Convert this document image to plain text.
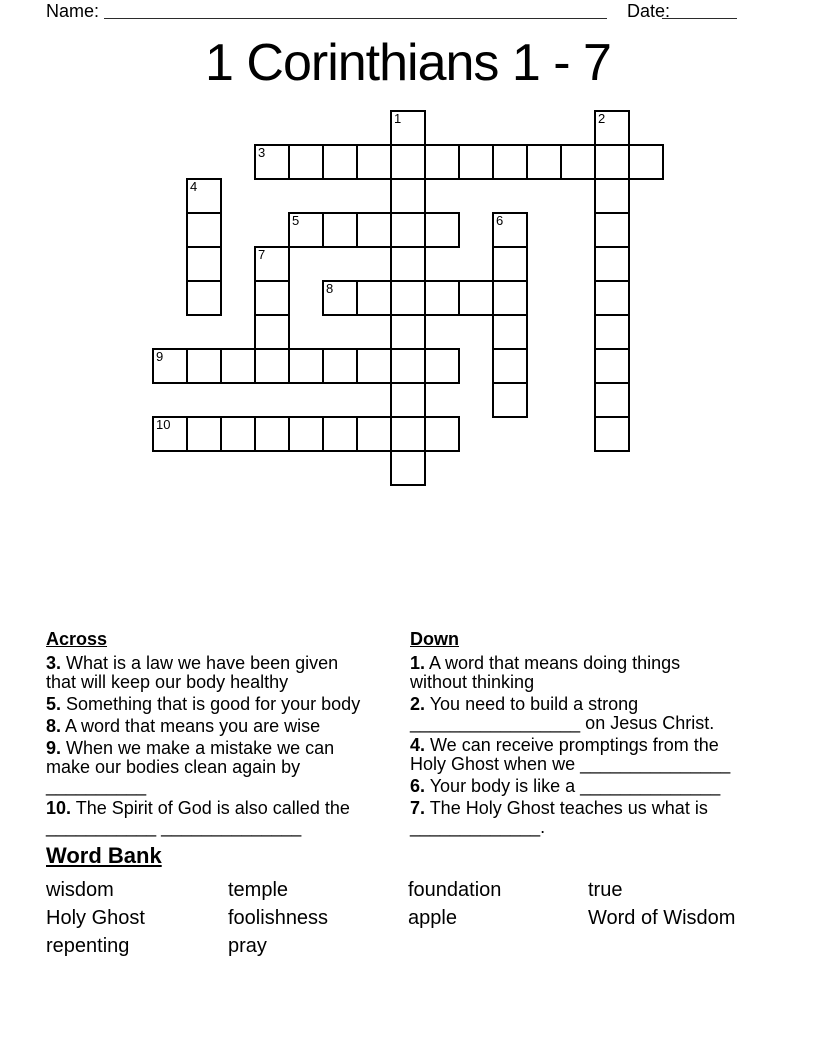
Name:	Date:
1 Corinthians 1 - 7
1	2
3
4
5	6
7
8
9
10
Across
3. What is a law we have been given that will keep our body healthy
5. Something that is good for your body
8. A word that means you are wise
9. When we make a mistake we can make our bodies clean again by __________
10. The Spirit of God is also called the ___________ ______________
Down
1. A word that means doing things without thinking
2. You need to build a strong _________________ on Jesus Christ.
4. We can receive promptings from the Holy Ghost when we _______________
6. Your body is like a ______________
7. The Holy Ghost teaches us what is _____________.
Word Bank
wisdom	temple	foundation	true
Holy Ghost	foolishness	apple	Word of Wisdom
repenting	pray
